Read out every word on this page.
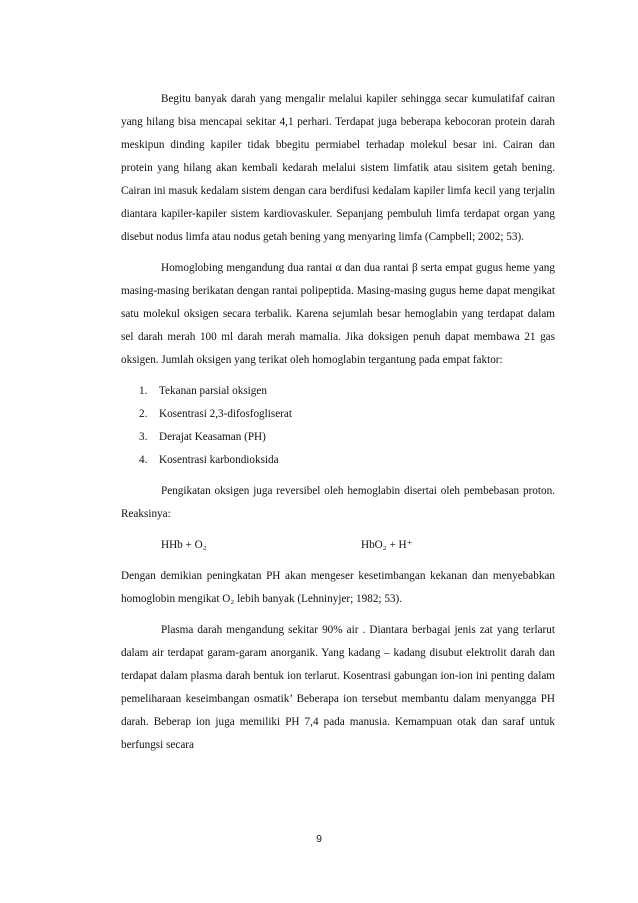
Begitu banyak darah yang mengalir melalui kapiler sehingga secar kumulatifaf cairan yang hilang bisa mencapai sekitar 4,1 perhari. Terdapat juga beberapa kebocoran protein darah meskipun dinding kapiler tidak bbegitu permiabel terhadap molekul besar ini. Cairan dan protein yang hilang akan kembali kedarah melalui sistem limfatik atau sisitem getah bening. Cairan ini masuk kedalam sistem dengan cara berdifusi kedalam kapiler limfa kecil yang terjalin diantara kapiler-kapiler sistem kardiovaskuler. Sepanjang pembuluh limfa terdapat organ yang disebut nodus limfa atau nodus getah bening yang menyaring limfa (Campbell; 2002; 53).

Homoglobing mengandung dua rantai α dan dua rantai β serta empat gugus heme yang masing-masing berikatan dengan rantai polipeptida. Masing-masing gugus heme dapat mengikat satu molekul oksigen secara terbalik. Karena sejumlah besar hemoglabin yang terdapat dalam sel darah merah 100 ml darah merah mamalia. Jika doksigen penuh dapat membawa 21 gas oksigen. Jumlah oksigen yang terikat oleh homoglabin tergantung pada empat faktor:

1. Tekanan parsial oksigen
2. Kosentrasi 2,3-difosfogliserat
3. Derajat Keasaman (PH)
4. Kosentrasi karbondioksida

Pengikatan oksigen juga reversibel oleh hemoglabin disertai oleh pembebasan proton. Reaksinya:

HHb + O₂	HbO₂ + H⁺

Dengan demikian peningkatan PH akan mengeser kesetimbangan kekanan dan menyebabkan homoglobin mengikat O₂ lebih banyak (Lehninyjer; 1982; 53).

Plasma darah mengandung sekitar 90% air . Diantara berbagai jenis zat yang terlarut dalam air terdapat garam-garam anorganik. Yang kadang – kadang disubut elektrolit darah dan terdapat dalam plasma darah bentuk ion terlarut. Kosentrasi gabungan ion-ion ini penting dalam pemeliharaan keseimbangan osmatik’ Beberapa ion tersebut membantu dalam menyangga PH darah. Beberap ion juga memiliki PH 7,4 pada manusia. Kemampuan otak dan saraf untuk berfungsi secara

9
